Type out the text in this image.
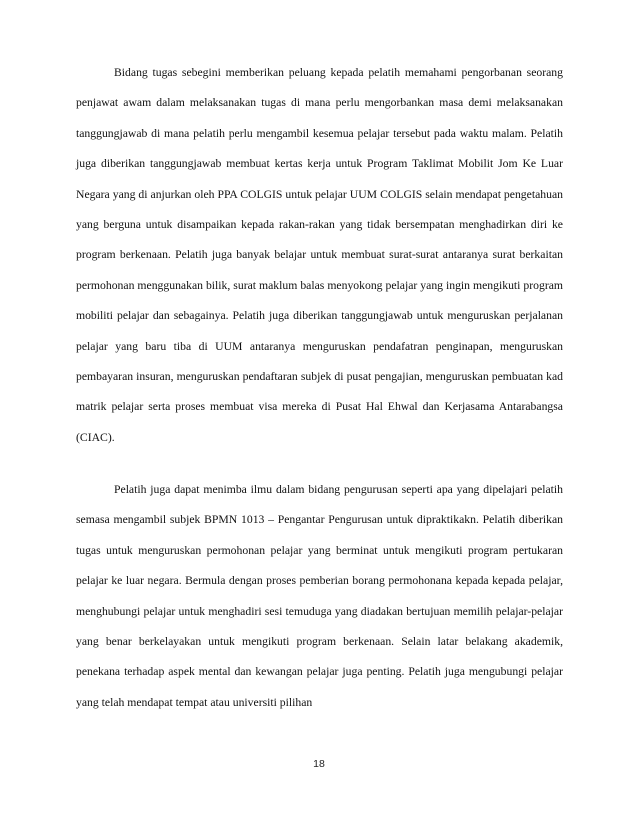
Bidang tugas sebegini memberikan peluang kepada pelatih memahami pengorbanan seorang penjawat awam dalam melaksanakan tugas di mana perlu mengorbankan masa demi melaksanakan tanggungjawab di mana pelatih perlu mengambil kesemua pelajar tersebut pada waktu malam. Pelatih juga diberikan tanggungjawab membuat kertas kerja untuk Program Taklimat Mobilit Jom Ke Luar Negara yang di anjurkan oleh PPA COLGIS untuk pelajar UUM COLGIS selain mendapat pengetahuan yang berguna untuk disampaikan kepada rakan-rakan yang tidak bersempatan menghadirkan diri ke program berkenaan. Pelatih juga banyak belajar untuk membuat surat-surat antaranya surat berkaitan permohonan menggunakan bilik, surat maklum balas menyokong pelajar yang ingin mengikuti program mobiliti pelajar dan sebagainya. Pelatih juga diberikan tanggungjawab untuk menguruskan perjalanan pelajar yang baru tiba di UUM antaranya menguruskan pendafatran penginapan, menguruskan pembayaran insuran, menguruskan pendaftaran subjek di pusat pengajian, menguruskan pembuatan kad matrik pelajar serta proses membuat visa mereka di Pusat Hal Ehwal dan Kerjasama Antarabangsa (CIAC).

Pelatih juga dapat menimba ilmu dalam bidang pengurusan seperti apa yang dipelajari pelatih semasa mengambil subjek BPMN 1013 – Pengantar Pengurusan untuk dipraktikakn. Pelatih diberikan tugas untuk menguruskan permohonan pelajar yang berminat untuk mengikuti program pertukaran pelajar ke luar negara. Bermula dengan proses pemberian borang permohonana kepada kepada pelajar, menghubungi pelajar untuk menghadiri sesi temuduga yang diadakan bertujuan memilih pelajar-pelajar yang benar berkelayakan untuk mengikuti program berkenaan. Selain latar belakang akademik, penekana terhadap aspek mental dan kewangan pelajar juga penting. Pelatih juga mengubungi pelajar yang telah mendapat tempat atau universiti pilihan

18
